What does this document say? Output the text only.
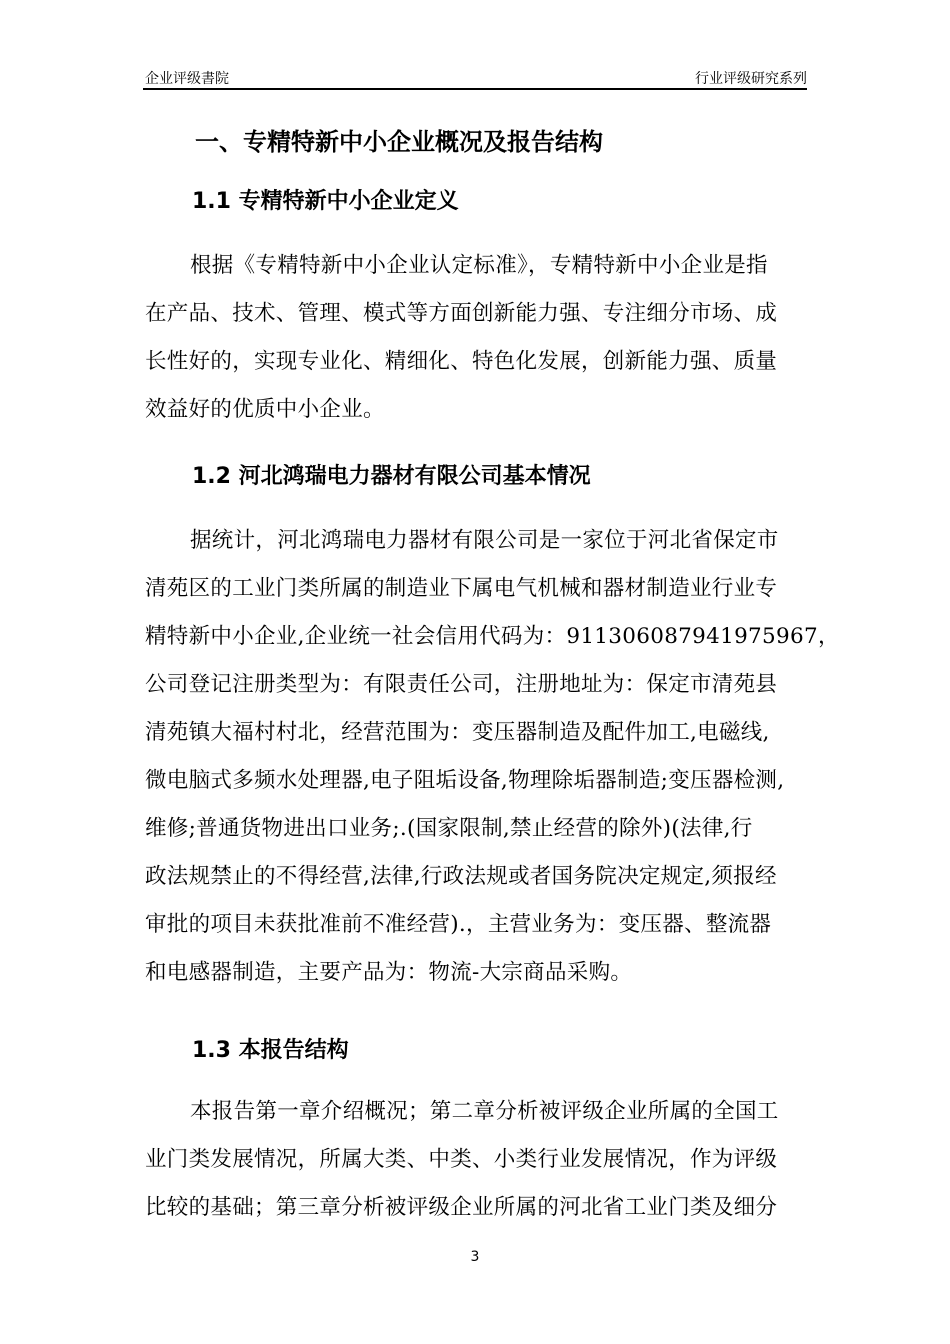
企业评级書院	行业评级研究系列
一、专精特新中小企业概况及报告结构
1.1 专精特新中小企业定义
根据《专精特新中小企业认定标准》，专精特新中小企业是指
在产品、技术、管理、模式等方面创新能力强、专注细分市场、成
长性好的，实现专业化、精细化、特色化发展，创新能力强、质量
效益好的优质中小企业。
1.2 河北鸿瑞电力器材有限公司基本情况
据统计，河北鸿瑞电力器材有限公司是一家位于河北省保定市
清苑区的工业门类所属的制造业下属电气机械和器材制造业行业专
精特新中小企业,企业统一社会信用代码为：911306087941975967，
公司登记注册类型为：有限责任公司，注册地址为：保定市清苑县
清苑镇大福村村北，经营范围为：变压器制造及配件加工,电磁线,
微电脑式多频水处理器,电子阻垢设备,物理除垢器制造;变压器检测,
维修;普通货物进出口业务;.(国家限制,禁止经营的除外)(法律,行
政法规禁止的不得经营,法律,行政法规或者国务院决定规定,须报经
审批的项目未获批准前不准经营).，主营业务为：变压器、整流器
和电感器制造，主要产品为：物流-大宗商品采购。
1.3 本报告结构
本报告第一章介绍概况；第二章分析被评级企业所属的全国工
业门类发展情况，所属大类、中类、小类行业发展情况，作为评级
比较的基础；第三章分析被评级企业所属的河北省工业门类及细分
3
